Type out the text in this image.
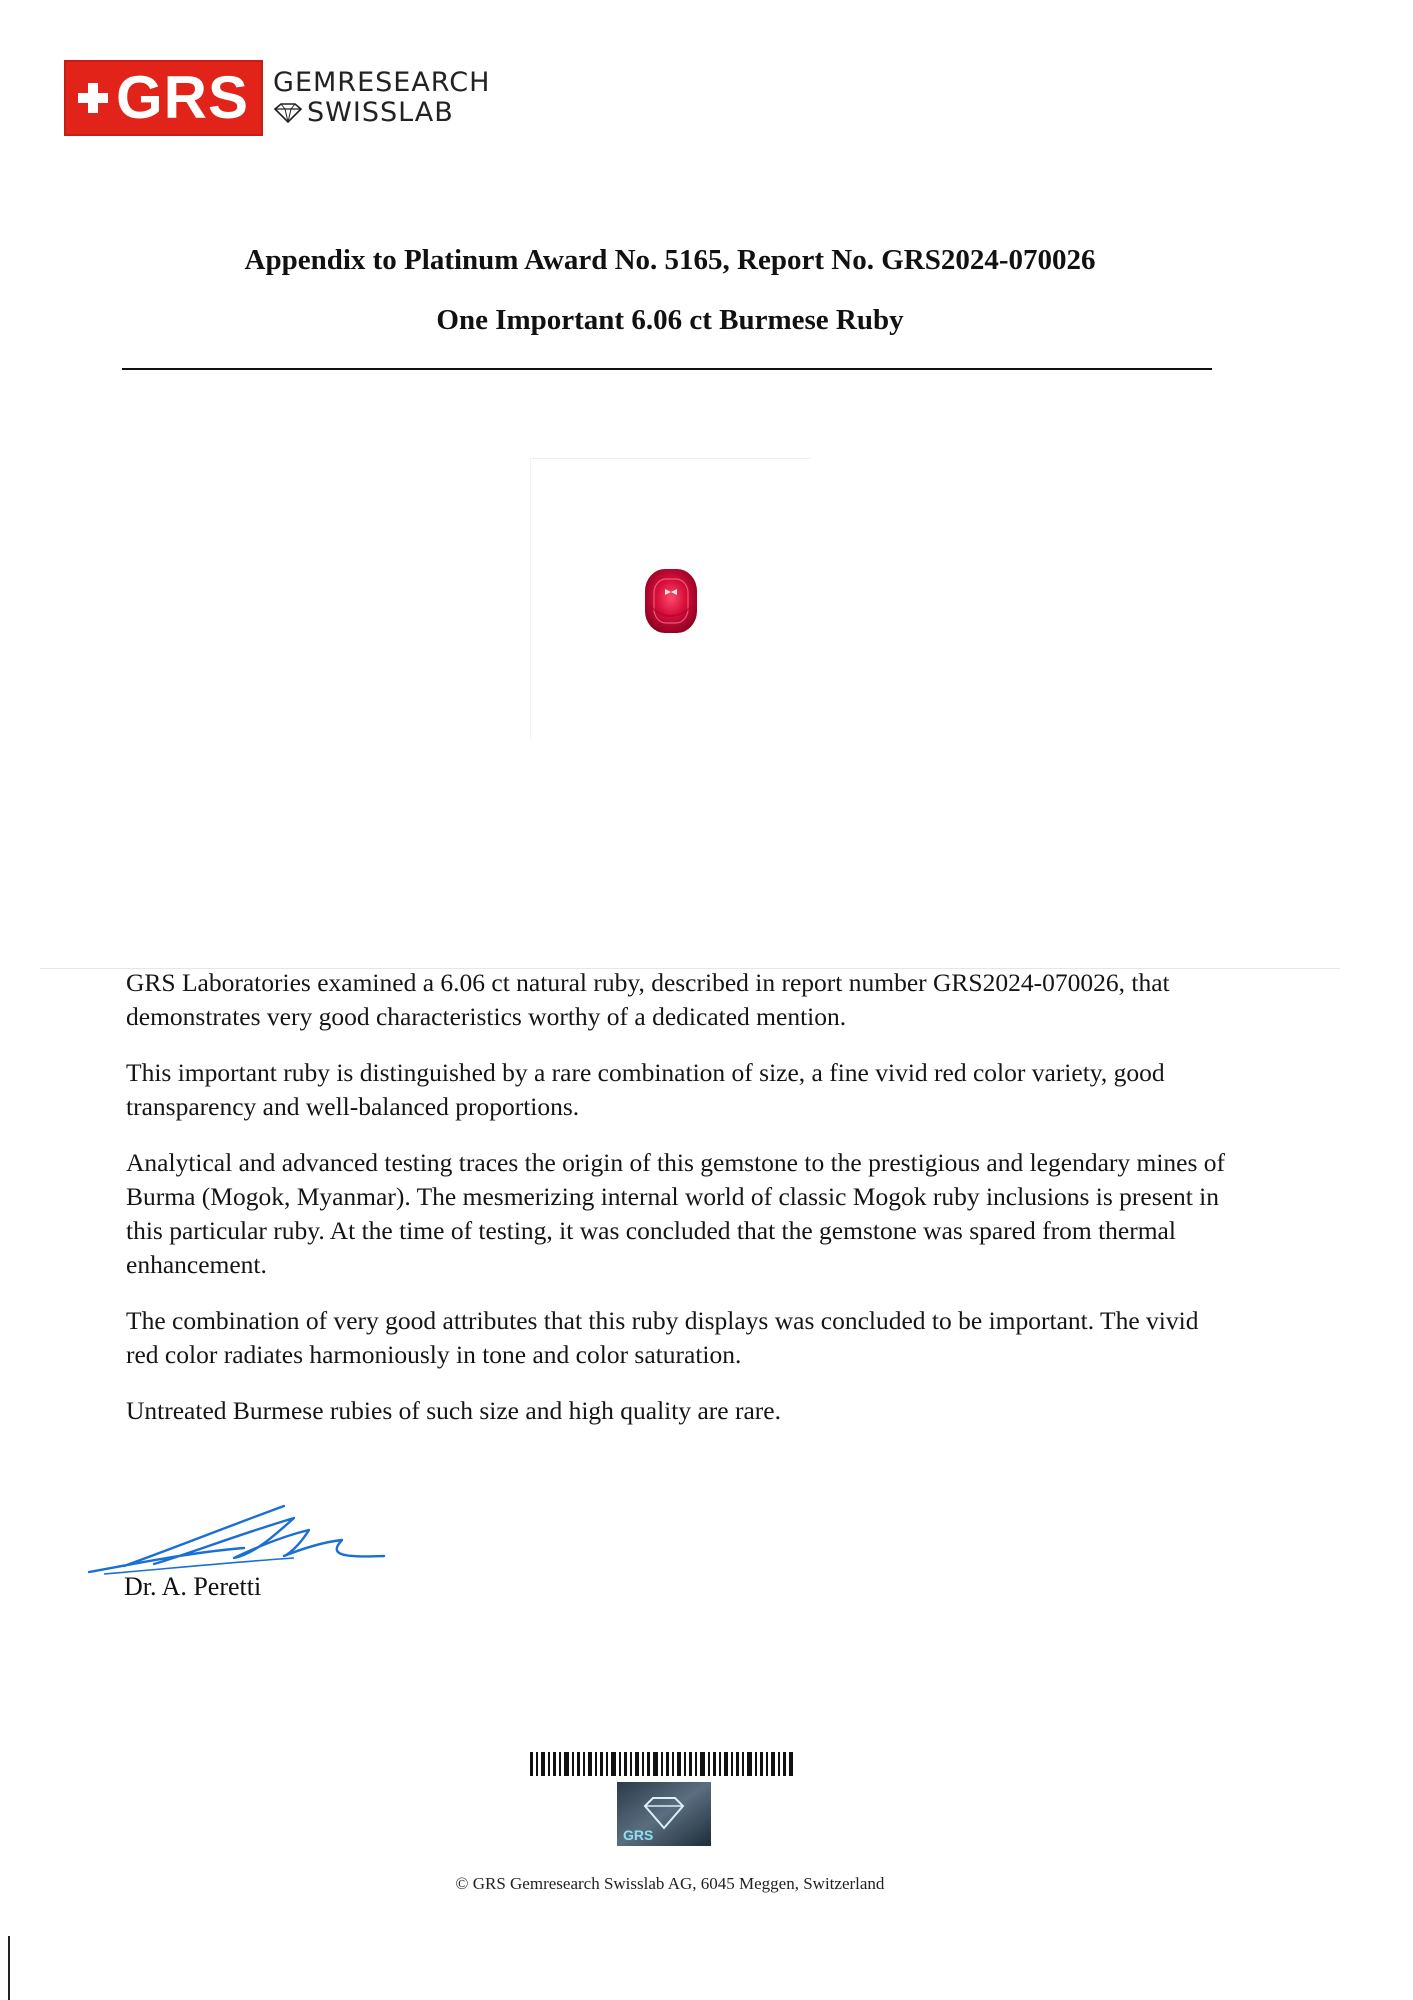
GRS GEMRESEARCH
SWISSLAB
Appendix to Platinum Award No. 5165, Report No. GRS2024-070026
One Important 6.06 ct Burmese Ruby

GRS Laboratories examined a 6.06 ct natural ruby, described in report number GRS2024-070026, that demonstrates very good characteristics worthy of a dedicated mention.

This important ruby is distinguished by a rare combination of size, a fine vivid red color variety, good transparency and well-balanced proportions.

Analytical and advanced testing traces the origin of this gemstone to the prestigious and legendary mines of Burma (Mogok, Myanmar). The mesmerizing internal world of classic Mogok ruby inclusions is present in this particular ruby. At the time of testing, it was concluded that the gemstone was spared from thermal enhancement.

The combination of very good attributes that this ruby displays was concluded to be important. The vivid red color radiates harmoniously in tone and color saturation.

Untreated Burmese rubies of such size and high quality are rare.

Dr. A. Peretti
GRS
© GRS Gemresearch Swisslab AG, 6045 Meggen, Switzerland
